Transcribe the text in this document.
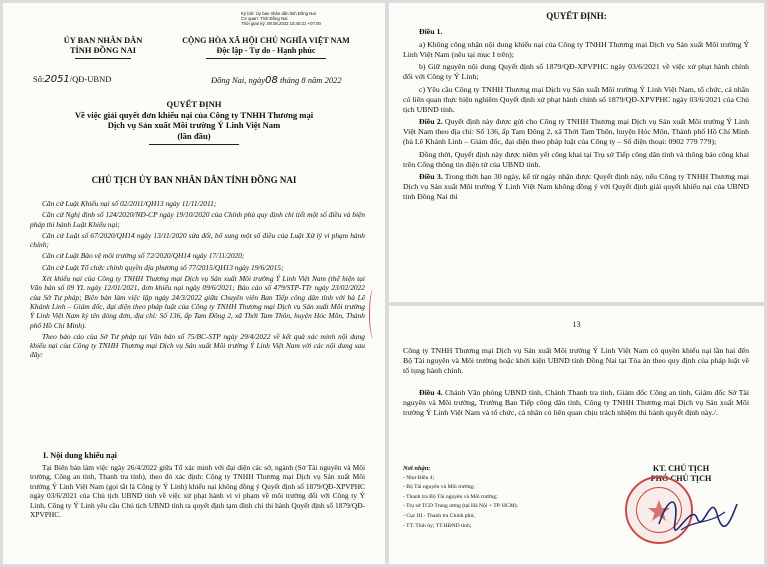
Ký bởi: Ủy ban nhân dân tỉnh Đồng Nai
Cơ quan: Tỉnh Đồng Nai
Thời gian ký: 08.08.2022 15:40:21 +07:00
ỦY BAN NHÂN DÂN
TỈNH ĐỒNG NAI
CỘNG HÒA XÃ HỘI CHỦ NGHĨA VIỆT NAM
Độc lập - Tự do - Hạnh phúc
Số:2051/QĐ-UBND	Đồng Nai, ngày08 tháng 8 năm 2022
QUYẾT ĐỊNH
Về việc giải quyết đơn khiếu nại của Công ty TNHH Thương mại
Dịch vụ Sản xuất Môi trường Ý Linh Việt Nam
(lần đầu)
CHỦ TỊCH ỦY BAN NHÂN DÂN TỈNH ĐỒNG NAI
Căn cứ Luật Khiếu nại số 02/2011/QH13 ngày 11/11/2011;
Căn cứ Nghị định số 124/2020/NĐ-CP ngày 19/10/2020 của Chính phủ quy định chi tiết một số điều và biện pháp thi hành Luật Khiếu nại;
Căn cứ Luật số 67/2020/QH14 ngày 13/11/2020 sửa đổi, bổ sung một số điều của Luật Xử lý vi phạm hành chính;
Căn cứ Luật Bảo vệ môi trường số 72/2020/QH14 ngày 17/11/2020;
Căn cứ Luật Tổ chức chính quyền địa phương số 77/2015/QH13 ngày 19/6/2015;
Xét khiếu nại của Công ty TNHH Thương mại Dịch vụ Sản xuất Môi trường Ý Linh Việt Nam (thể hiện tại Văn bản số 09 YL ngày 12/01/2021, đơn khiếu nại ngày 09/6/2021; Báo cáo số 479/STP-TTr ngày 23/02/2022 của Sở Tư pháp; Biên bản làm việc lập ngày 24/3/2022 giữa Chuyên viên Ban Tiếp công dân tỉnh với bà Lê Khánh Linh – Giám đốc, đại diện theo pháp luật của Công ty TNHH Thương mại Dịch vụ Sản xuất Môi trường Ý Linh Việt Nam ký tên đóng đơn, địa chỉ: Số 136, ấp Tam Đông 2, xã Thới Tam Thôn, huyện Hóc Môn, Thành phố Hồ Chí Minh).
Theo báo cáo của Sở Tư pháp tại Văn bản số 75/BC-STP ngày 29/4/2022 về kết quả xác minh nội dung khiếu nại của Công ty TNHH Thương mại Dịch vụ Sản xuất Môi trường Ý Linh Việt Nam với các nội dung sau đây:
I. Nội dung khiếu nại
Tại Biên bản làm việc ngày 26/4/2022 giữa Tổ xác minh với đại diện các sở, ngành (Sở Tài nguyên và Môi trường, Công an tỉnh, Thanh tra tỉnh), theo đó xác định: Công ty TNHH Thương mại Dịch vụ Sản xuất Môi trường Ý Linh Việt Nam (gọi tắt là Công ty Ý Linh) khiếu nại không đồng ý Quyết định số 1879/QĐ-XPVPHC ngày 03/6/2021 của Chủ tịch UBND tỉnh về việc xử phạt hành vi vi phạm về môi trường đối với Công ty Ý Linh, Công ty Ý Linh yêu cầu Chủ tịch UBND tỉnh ra quyết định tạm đình chỉ thi hành Quyết định số 1879/QĐ-XPVPHC.
QUYẾT ĐỊNH:
Điều 1.
a) Không công nhận nội dung khiếu nại của Công ty TNHH Thương mại Dịch vụ Sản xuất Môi trường Ý Linh Việt Nam (nêu tại mục I trên);
b) Giữ nguyên nội dung Quyết định số 1879/QĐ-XPVPHC ngày 03/6/2021 về việc xử phạt hành chính đối với Công ty Ý Linh;
c) Yêu cầu Công ty TNHH Thương mại Dịch vụ Sản xuất Môi trường Ý Linh Việt Nam, tổ chức, cá nhân có liên quan thực hiện nghiêm Quyết định xử phạt hành chính số 1879/QĐ-XPVPHC ngày 03/6/2021 của Chủ tịch UBND tỉnh.
Điều 2. Quyết định này được gửi cho Công ty TNHH Thương mại Dịch vụ Sản xuất Môi trường Ý Linh Việt Nam theo địa chỉ: Số 136, ấp Tam Đông 2, xã Thới Tam Thôn, huyện Hóc Môn, Thành phố Hồ Chí Minh (bà Lê Khánh Linh – Giám đốc, đại diện theo pháp luật của Công ty – Số điện thoại: 0902 779 779);
Đồng thời, Quyết định này được niêm yết công khai tại Trụ sở Tiếp công dân tỉnh và thông báo công khai trên Cổng thông tin điện tử của UBND tỉnh.
Điều 3. Trong thời hạn 30 ngày, kể từ ngày nhận được Quyết định này, nếu Công ty TNHH Thương mại Dịch vụ Sản xuất Môi trường Ý Linh Việt Nam không đồng ý với Quyết định giải quyết khiếu nại của UBND tỉnh Đồng Nai thì
13
Công ty TNHH Thương mại Dịch vụ Sản xuất Môi trường Ý Linh Việt Nam có quyền khiếu nại lần hai đến Bộ Tài nguyên và Môi trường hoặc khởi kiện UBND tỉnh Đồng Nai tại Tòa án theo quy định của pháp luật về tố tụng hành chính.
Điều 4. Chánh Văn phòng UBND tỉnh, Chánh Thanh tra tỉnh, Giám đốc Công an tỉnh, Giám đốc Sở Tài nguyên và Môi trường, Trưởng Ban Tiếp công dân tỉnh, Công ty TNHH Thương mại Dịch vụ Sản xuất Môi trường Ý Linh Việt Nam và tổ chức, cá nhân có liên quan chịu trách nhiệm thi hành quyết định này./.
Nơi nhận:
- Như Điều 4;
- Bộ Tài nguyên và Môi trường;
- Thanh tra Bộ Tài nguyên và Môi trường;
- Trụ sở TCD Trung ương (tại Hà Nội + TP. HCM);
- Cục III - Thanh tra Chính phủ;
- TT. Tỉnh ủy; TT.HĐND tỉnh;
KT. CHỦ TỊCH
PHÓ CHỦ TỊCH
